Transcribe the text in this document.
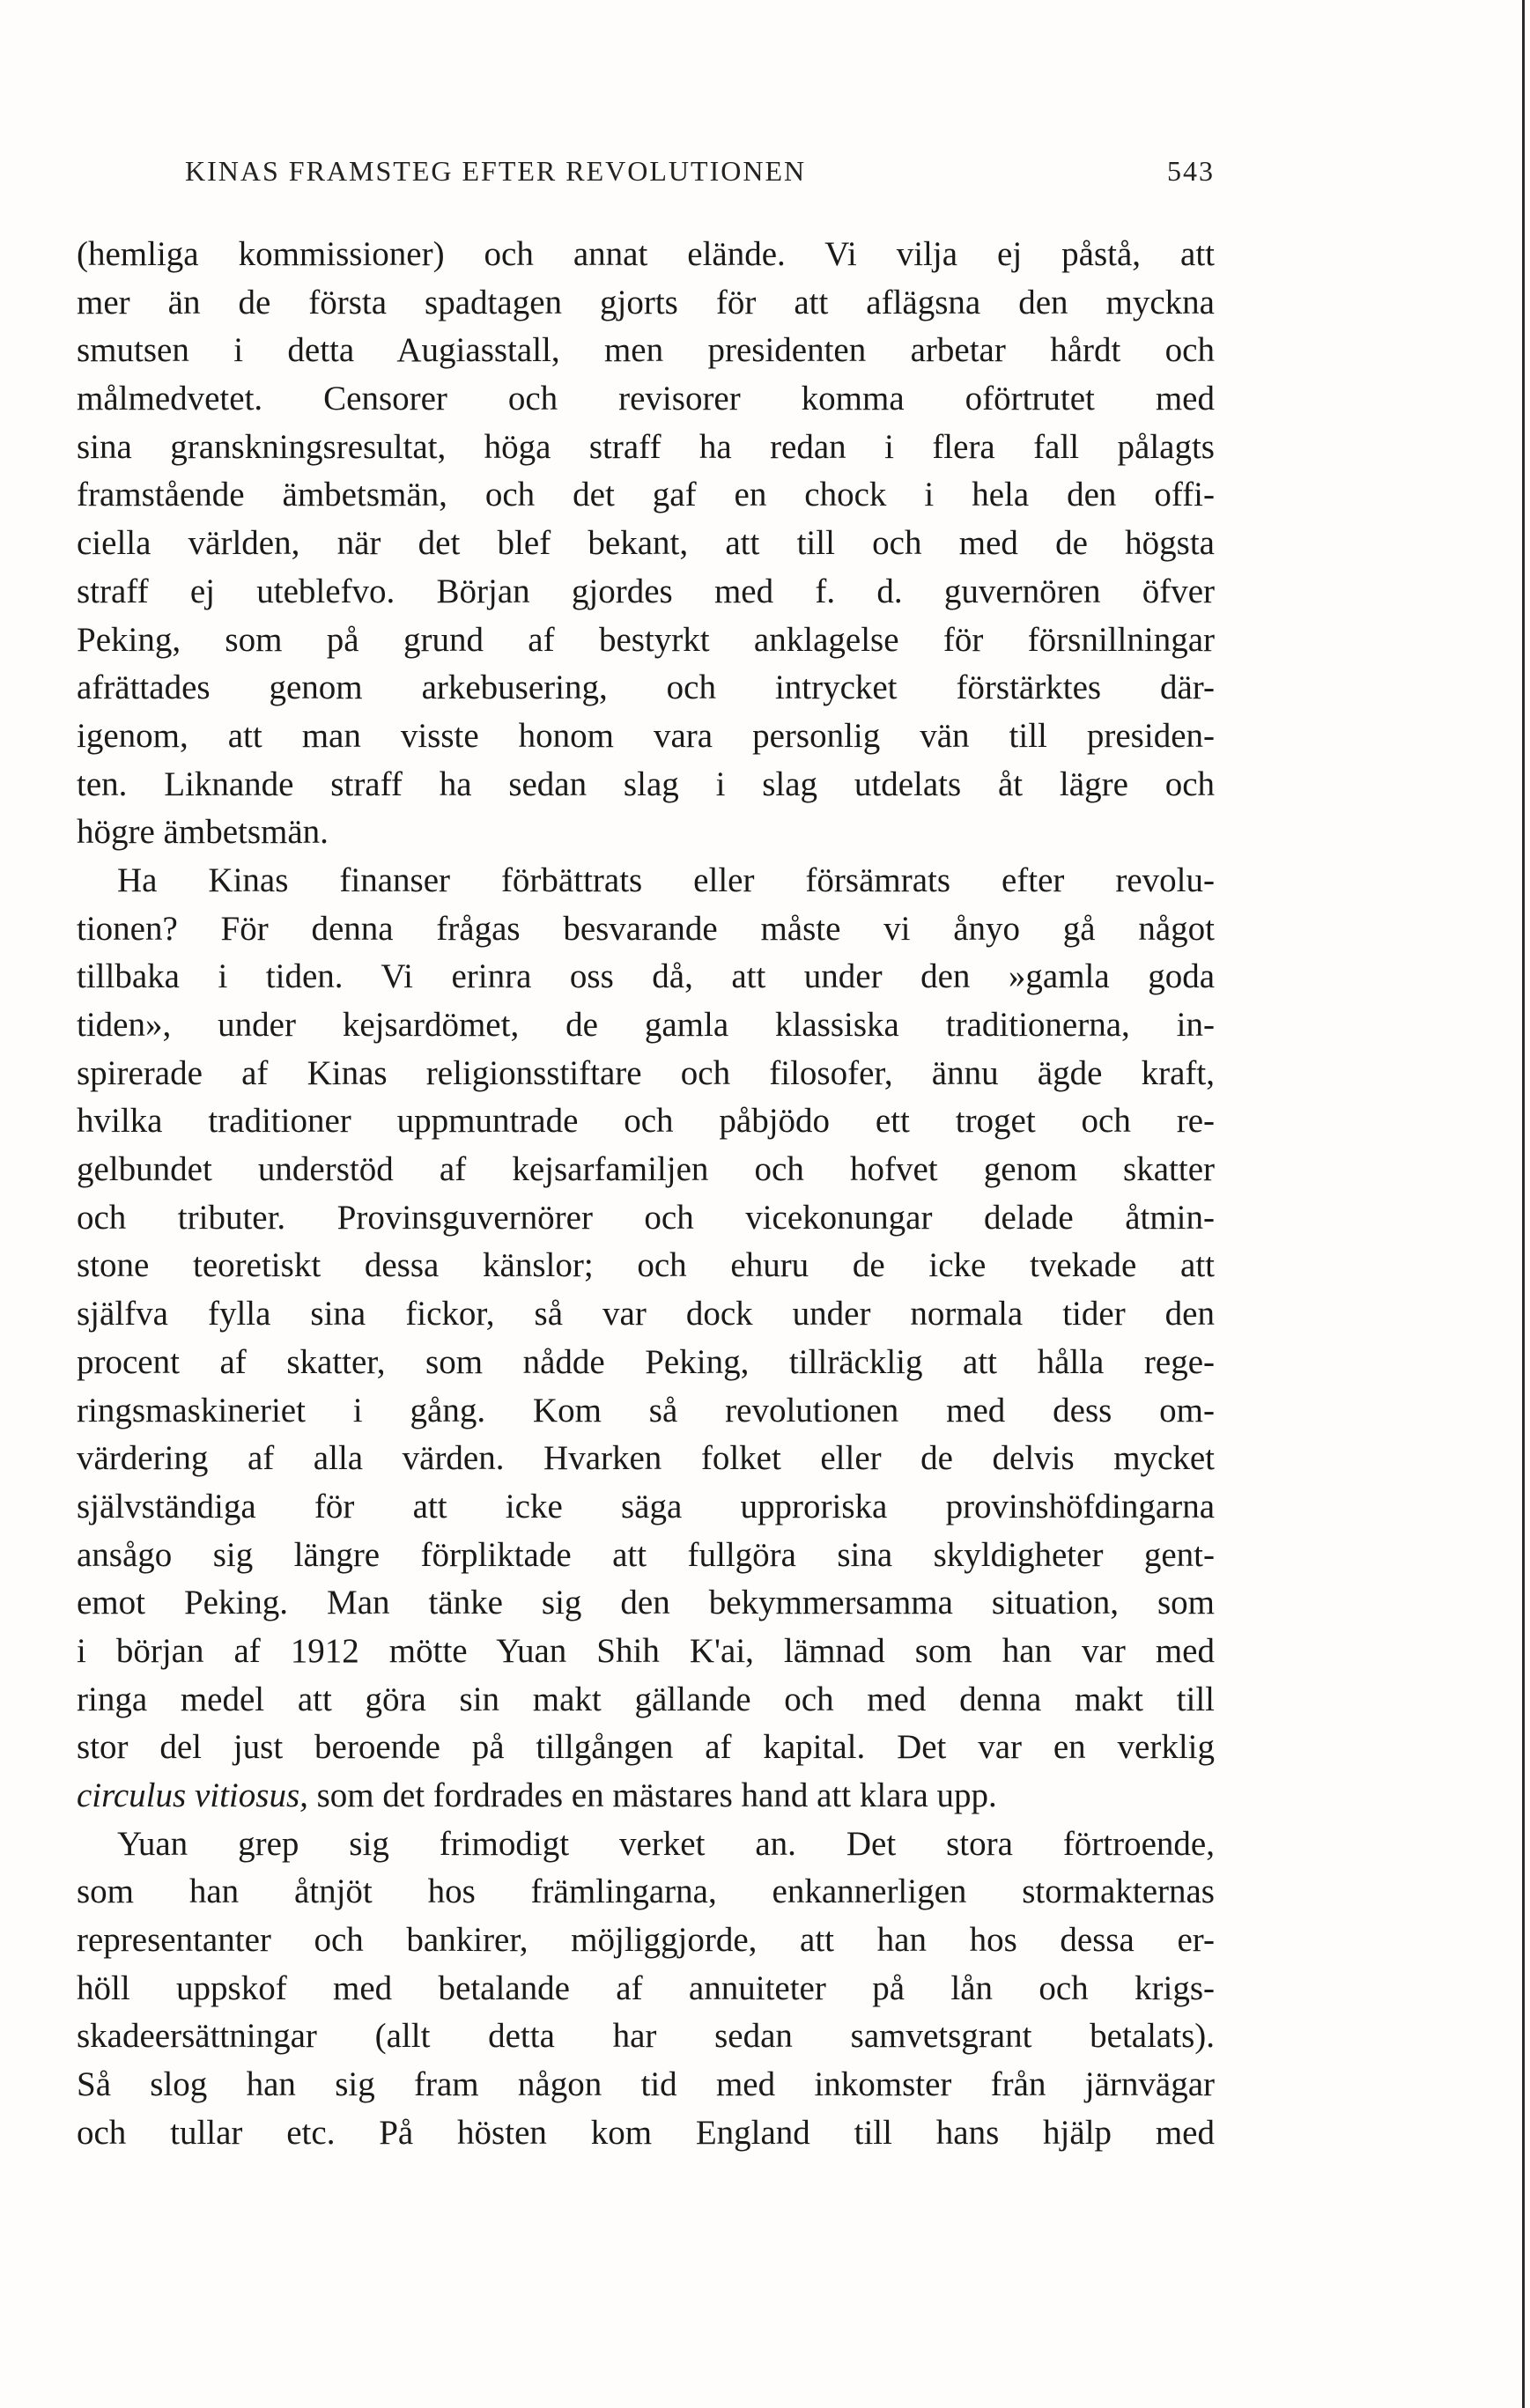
KINAS FRAMSTEG EFTER REVOLUTIONEN	543
(hemliga kommissioner) och annat elände. Vi vilja ej påstå, att
mer än de första spadtagen gjorts för att aflägsna den myckna
smutsen i detta Augiasstall, men presidenten arbetar hårdt och
målmedvetet. Censorer och revisorer komma oförtrutet med
sina granskningsresultat, höga straff ha redan i flera fall pålagts
framstående ämbetsmän, och det gaf en chock i hela den offi-
ciella världen, när det blef bekant, att till och med de högsta
straff ej uteblefvo. Början gjordes med f. d. guvernören öfver
Peking, som på grund af bestyrkt anklagelse för försnillningar
afrättades genom arkebusering, och intrycket förstärktes där-
igenom, att man visste honom vara personlig vän till presiden-
ten. Liknande straff ha sedan slag i slag utdelats åt lägre och
högre ämbetsmän.
Ha Kinas finanser förbättrats eller försämrats efter revolu-
tionen? För denna frågas besvarande måste vi ånyo gå något
tillbaka i tiden. Vi erinra oss då, att under den »gamla goda
tiden», under kejsardömet, de gamla klassiska traditionerna, in-
spirerade af Kinas religionsstiftare och filosofer, ännu ägde kraft,
hvilka traditioner uppmuntrade och påbjödo ett troget och re-
gelbundet understöd af kejsarfamiljen och hofvet genom skatter
och tributer. Provinsguvernörer och vicekonungar delade åtmin-
stone teoretiskt dessa känslor; och ehuru de icke tvekade att
själfva fylla sina fickor, så var dock under normala tider den
procent af skatter, som nådde Peking, tillräcklig att hålla rege-
ringsmaskineriet i gång. Kom så revolutionen med dess om-
värdering af alla värden. Hvarken folket eller de delvis mycket
självständiga för att icke säga upproriska provinshöfdingarna
ansågo sig längre förpliktade att fullgöra sina skyldigheter gent-
emot Peking. Man tänke sig den bekymmersamma situation, som
i början af 1912 mötte Yuan Shih K'ai, lämnad som han var med
ringa medel att göra sin makt gällande och med denna makt till
stor del just beroende på tillgången af kapital. Det var en verklig
circulus vitiosus, som det fordrades en mästares hand att klara upp.
Yuan grep sig frimodigt verket an. Det stora förtroende,
som han åtnjöt hos främlingarna, enkannerligen stormakternas
representanter och bankirer, möjliggjorde, att han hos dessa er-
höll uppskof med betalande af annuiteter på lån och krigs-
skadeersättningar (allt detta har sedan samvetsgrant betalats).
Så slog han sig fram någon tid med inkomster från järnvägar
och tullar etc. På hösten kom England till hans hjälp med
